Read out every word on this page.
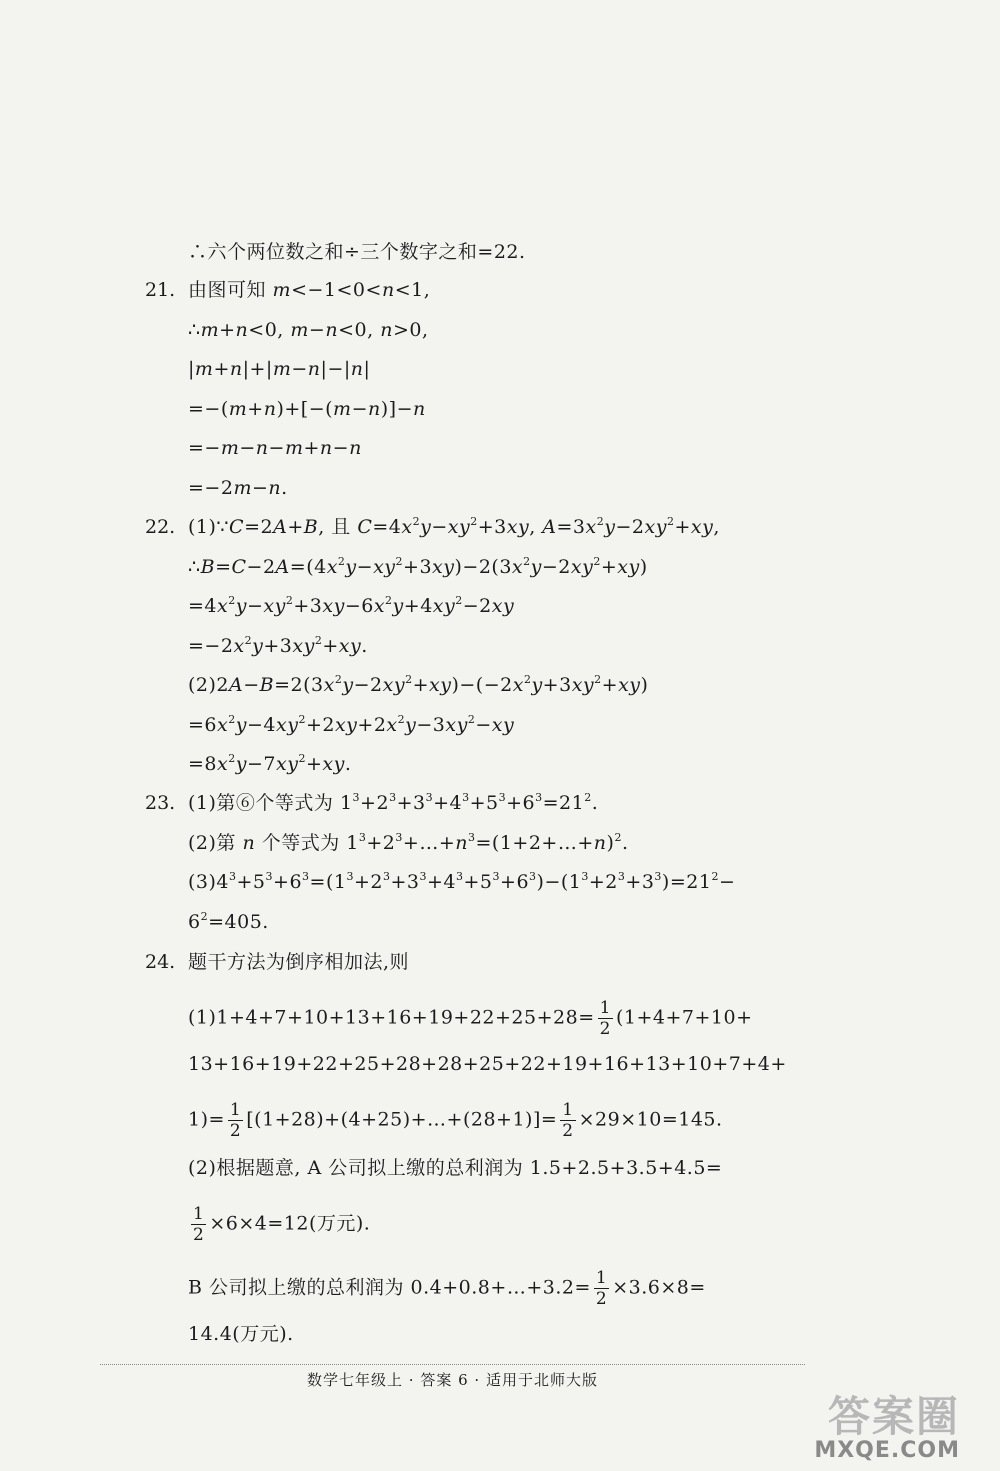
∴六个两位数之和÷三个数字之和=22.
21. 由图可知 m<−1<0<n<1,
∴m+n<0, m−n<0, n>0,
|m+n|+|m−n|−|n|
=−(m+n)+[−(m−n)]−n
=−m−n−m+n−n
=−2m−n.
22. (1)∵C=2A+B, 且 $C=4x^2y-xy^2+3xy$, $A=3x^2y-2xy^2+xy$,
$\therefore B=C-2A=(4x^2y-xy^2+3xy)-2(3x^2y-2xy^2+xy)$
$=4x^2y-xy^2+3xy-6x^2y+4xy^2-2xy$
$=-2x^2y+3xy^2+xy$.
$(2)2A-B=2(3x^2y-2xy^2+xy)-(-2x^2y+3xy^2+xy)$
$=6x^2y-4xy^2+2xy+2x^2y-3xy^2-xy$
$=8x^2y-7xy^2+xy$.
23. (1)第⑥个等式为 $1^3+2^3+3^3+4^3+5^3+6^3=21^2$.
(2)第 n 个等式为 $1^3+2^3+\dots+n^3=(1+2+\dots+n)^2$.
$(3)4^3+5^3+6^3=(1^3+2^3+3^3+4^3+5^3+6^3)-(1^3+2^3+3^3)=21^2-$
$6^2=405$.
24. 题干方法为倒序相加法,则
$(1)1+4+7+10+13+16+19+22+25+28= \frac{1}{2} (1+4+7+10+$
13+16+19+22+25+28+28+25+22+19+16+13+10+7+4+
$1)= \frac{1}{2}$ [(1+28)+(4+25)+…+(28+1)]= $\frac{1}{2} \times 29\times 10=145$.
(2)根据题意, A 公司拟上缴的总利润为 1.5+2.5+3.5+4.5=
$\frac{1}{2} \times 6\times 4=12$(万元).
B 公司拟上缴的总利润为 0.4+0.8+…+3.2= $\frac{1}{2} \times 3.6\times 8=$
14.4(万元).
数学七年级上 · 答案 6 · 适用于北师大版
答案圈
MXQE.COM
